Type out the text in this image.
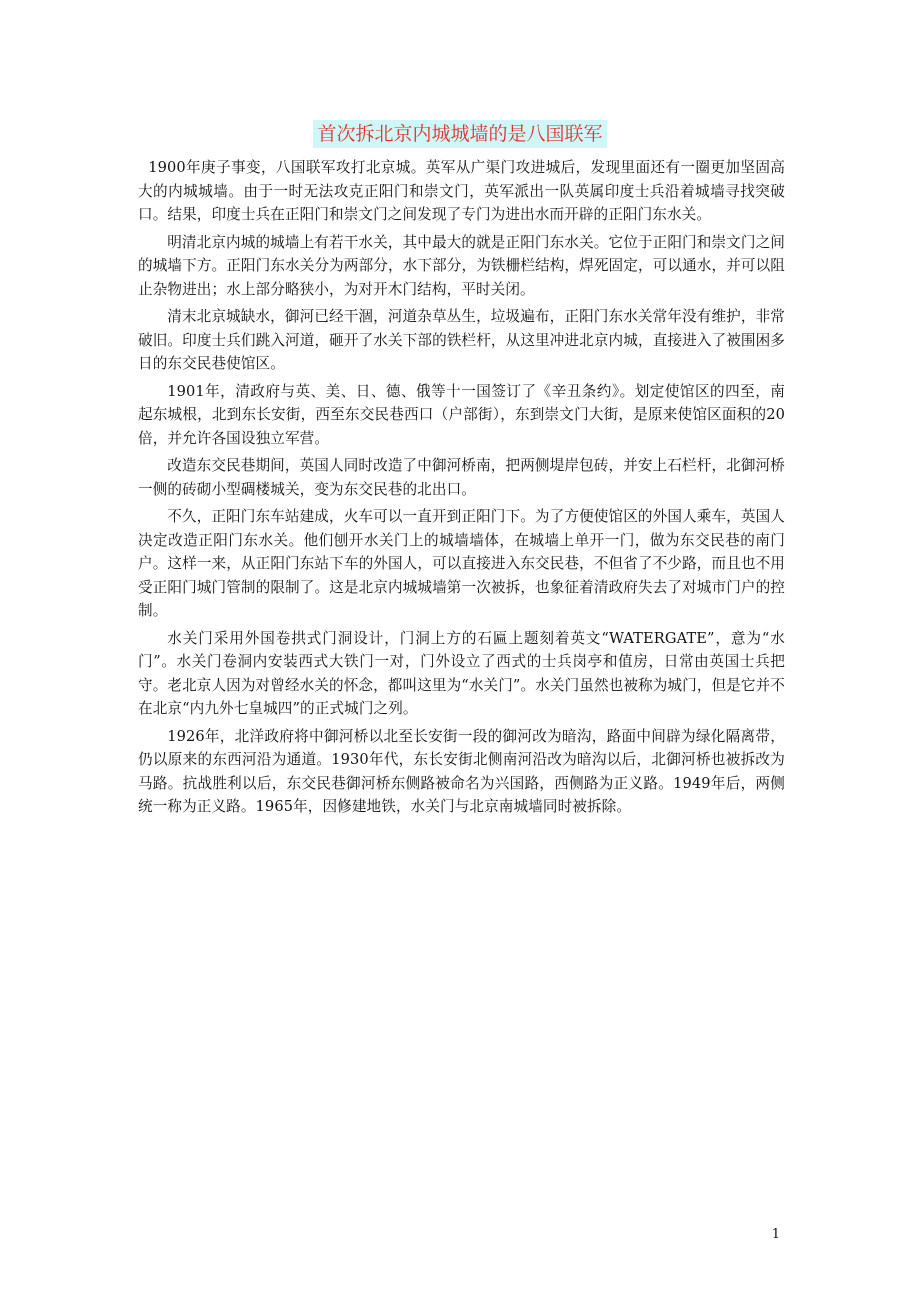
首次拆北京内城城墙的是八国联军

1900年庚子事变，八国联军攻打北京城。英军从广渠门攻进城后，发现里面还有一圈更加坚固高大的内城城墙。由于一时无法攻克正阳门和崇文门，英军派出一队英属印度士兵沿着城墙寻找突破口。结果，印度士兵在正阳门和崇文门之间发现了专门为进出水而开辟的正阳门东水关。

明清北京内城的城墙上有若干水关，其中最大的就是正阳门东水关。它位于正阳门和崇文门之间的城墙下方。正阳门东水关分为两部分，水下部分，为铁栅栏结构，焊死固定，可以通水，并可以阻止杂物进出；水上部分略狭小，为对开木门结构，平时关闭。

清末北京城缺水，御河已经干涸，河道杂草丛生，垃圾遍布，正阳门东水关常年没有维护，非常破旧。印度士兵们跳入河道，砸开了水关下部的铁栏杆，从这里冲进北京内城，直接进入了被围困多日的东交民巷使馆区。

1901年，清政府与英、美、日、德、俄等十一国签订了《辛丑条约》。划定使馆区的四至，南起东城根，北到东长安街，西至东交民巷西口（户部街），东到崇文门大街，是原来使馆区面积的20倍，并允许各国设独立军营。

改造东交民巷期间，英国人同时改造了中御河桥南，把两侧堤岸包砖，并安上石栏杆，北御河桥一侧的砖砌小型碉楼城关，变为东交民巷的北出口。

不久，正阳门东车站建成，火车可以一直开到正阳门下。为了方便使馆区的外国人乘车，英国人决定改造正阳门东水关。他们刨开水关门上的城墙墙体，在城墙上单开一门，做为东交民巷的南门户。这样一来，从正阳门东站下车的外国人，可以直接进入东交民巷，不但省了不少路，而且也不用受正阳门城门管制的限制了。这是北京内城城墙第一次被拆，也象征着清政府失去了对城市门户的控制。

水关门采用外国卷拱式门洞设计，门洞上方的石匾上题刻着英文“WATERGATE”，意为“水门”。水关门卷洞内安装西式大铁门一对，门外设立了西式的士兵岗亭和值房，日常由英国士兵把守。老北京人因为对曾经水关的怀念，都叫这里为“水关门”。水关门虽然也被称为城门，但是它并不在北京“内九外七皇城四”的正式城门之列。

1926年，北洋政府将中御河桥以北至长安街一段的御河改为暗沟，路面中间辟为绿化隔离带，仍以原来的东西河沿为通道。1930年代，东长安街北侧南河沿改为暗沟以后，北御河桥也被拆改为马路。抗战胜利以后，东交民巷御河桥东侧路被命名为兴国路，西侧路为正义路。1949年后，两侧统一称为正义路。1965年，因修建地铁，水关门与北京南城墙同时被拆除。

1
